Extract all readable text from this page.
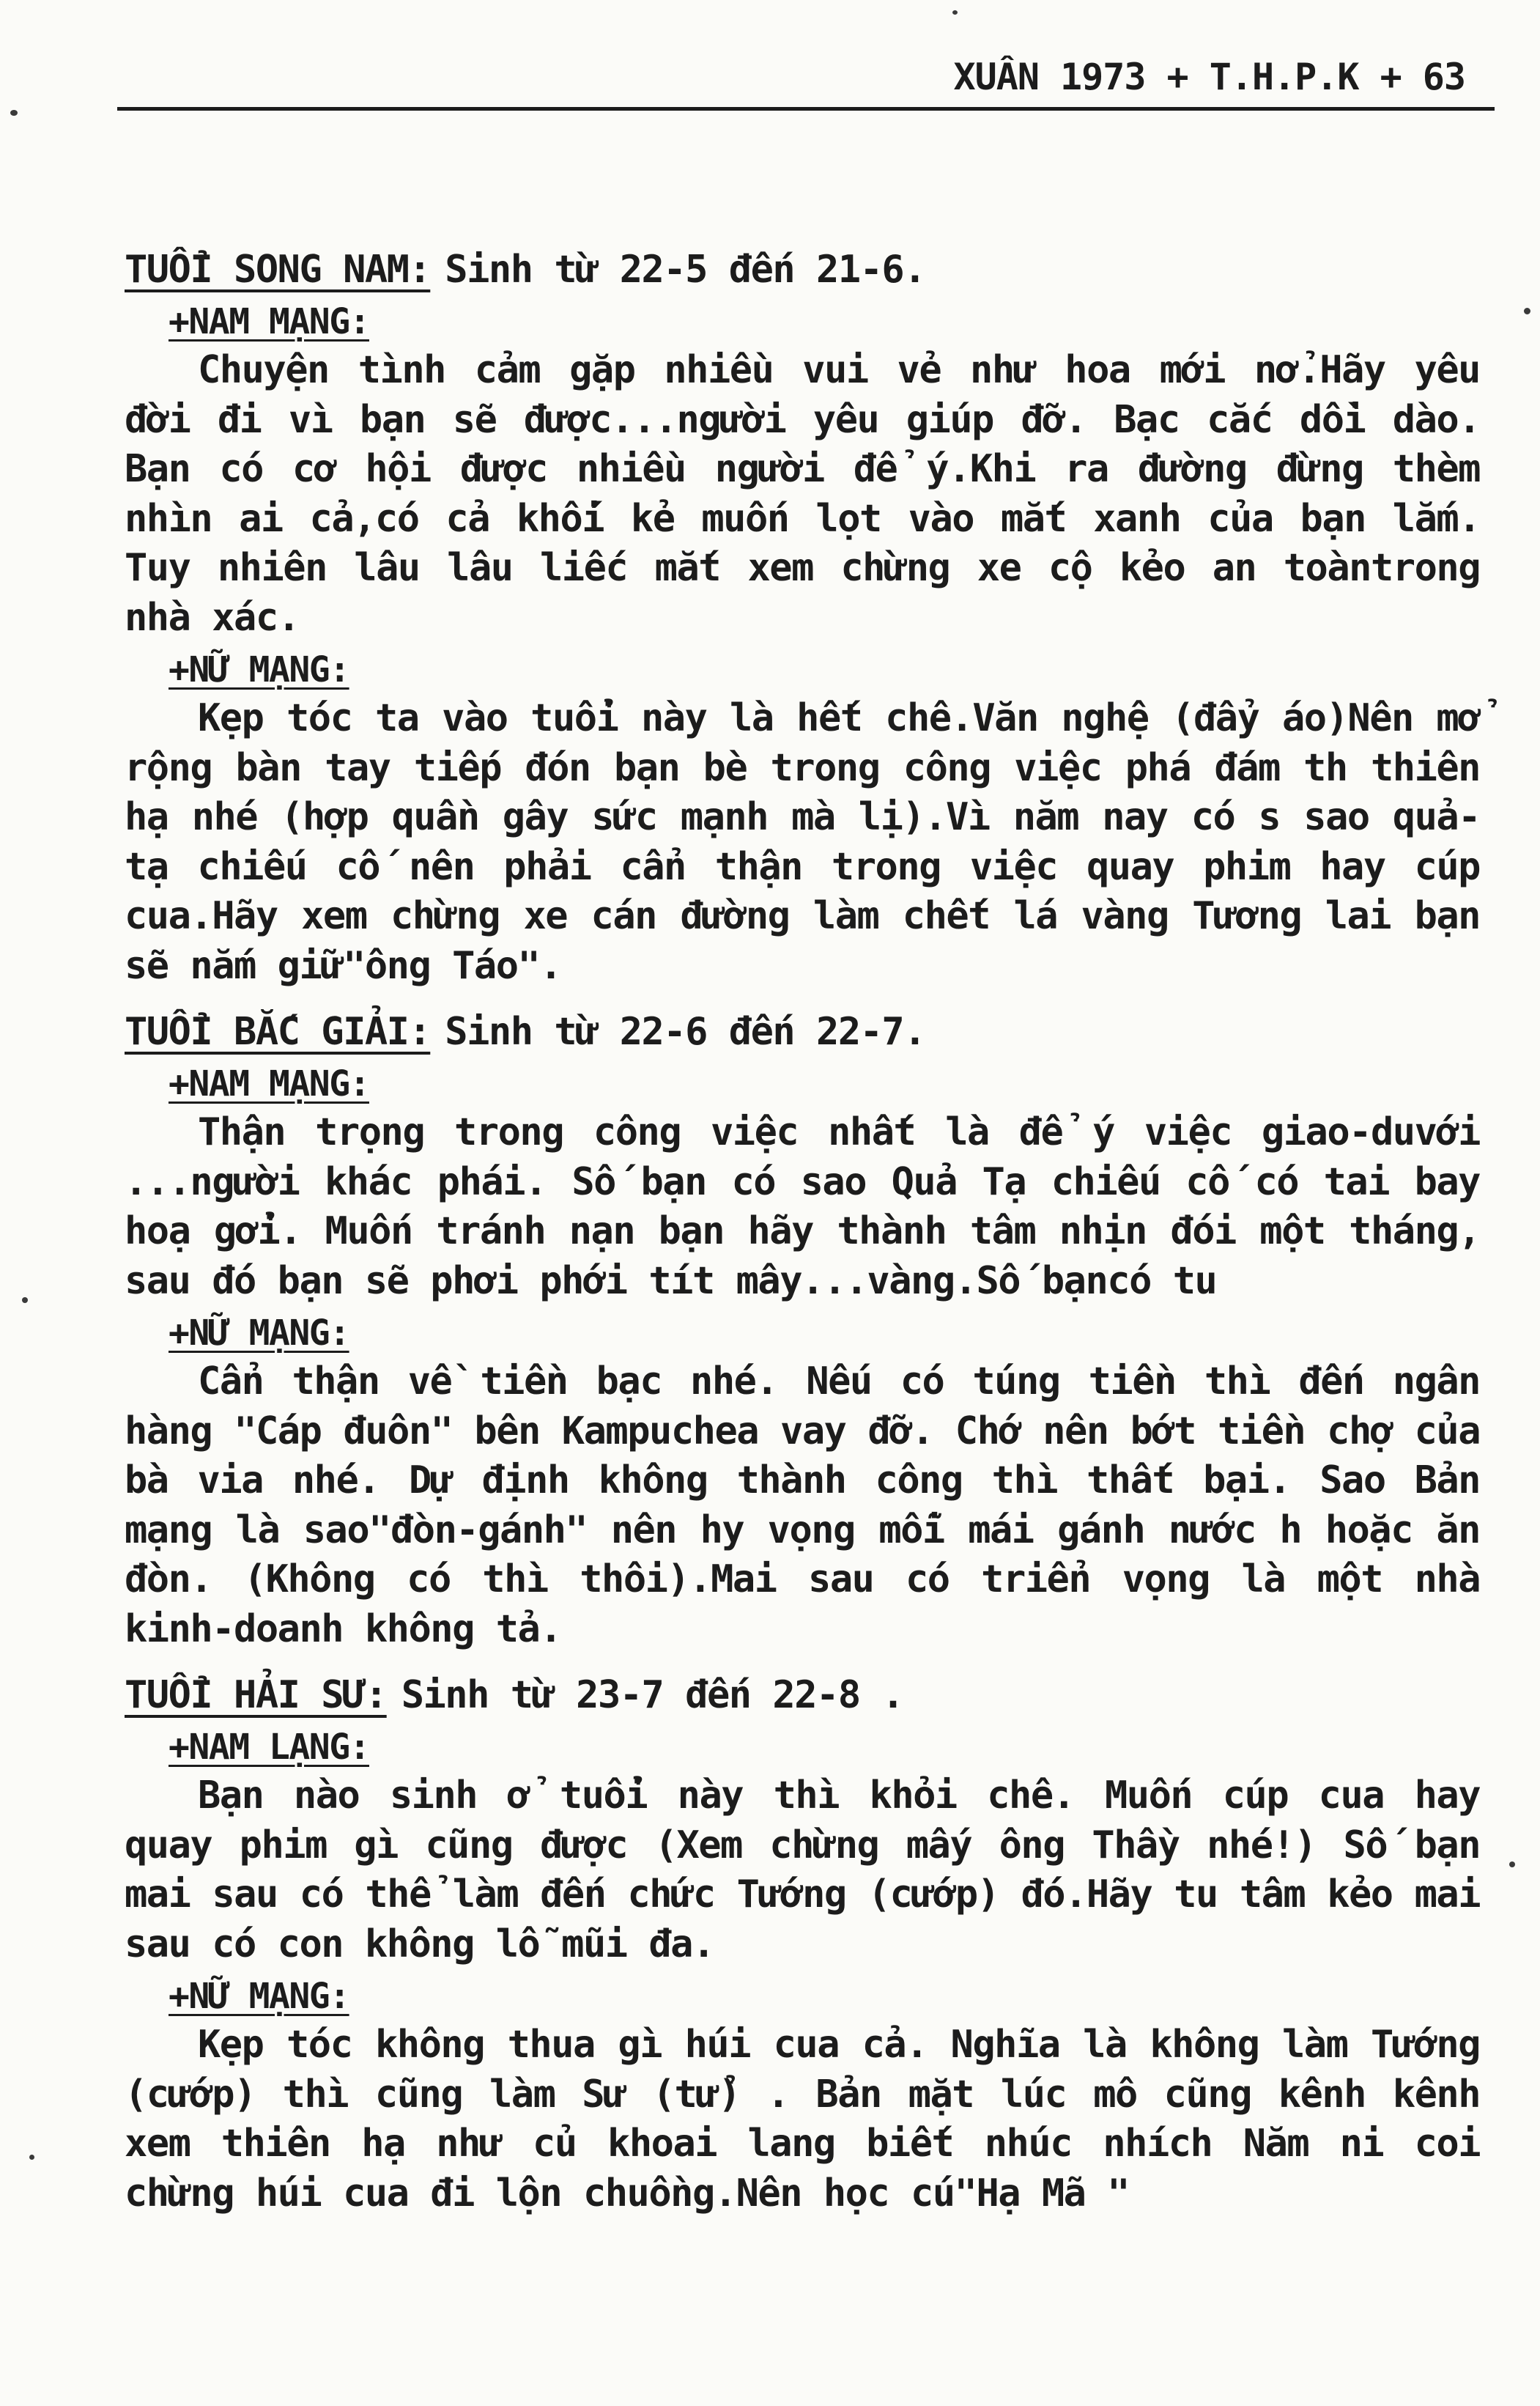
XUÂN 1973 + T.H.P.K + 63
TUỔI SONG NAM: Sinh từ 22-5 đến 21-6.
+NAM MẠNG:
Chuyện tình cảm gặp nhiều vui vẻ như hoa mới nở.Hãy yêu đời đi vì bạn sẽ được...người yêu giúp đỡ. Bạc cắc dồi dào. Bạn có cơ hội được nhiều người để ý.Khi ra đường đừng thèm nhìn ai cả,có cả khối kẻ muốn lọt vào mắt xanh của bạn lắm. Tuy nhiên lâu lâu liếc mắt xem chừng xe cộ kẻo an toàntrong nhà xác.
+NỮ MẠNG:
Kẹp tóc ta vào tuổi này là hết chê.Văn nghệ (đẩy áo)Nên mở rộng bàn tay tiếp đón bạn bè trong công việc phá đám th thiên hạ nhé (hợp quần gây sức mạnh mà lị).Vì năm nay có s sao quả-tạ chiếu cố nên phải cẩn thận trong việc quay phim hay cúp cua.Hãy xem chừng xe cán đường làm chết lá vàng Tương lai bạn sẽ nắm giữ"ông Táo".
TUỔI BẮC GIẢI: Sinh từ 22-6 đến 22-7.
+NAM MẠNG:
Thận trọng trong công việc nhất là để ý việc giao-duvới ...người khác phái. Số bạn có sao Quả Tạ chiếu cố có tai bay hoạ gởi. Muốn tránh nạn bạn hãy thành tâm nhịn đói một tháng, sau đó bạn sẽ phơi phới tít mây...vàng.Số bạncó tu
+NỮ MẠNG:
Cẩn thận về tiền bạc nhé. Nếu có túng tiền thì đến ngân hàng "Cáp đuôn" bên Kampuchea vay đỡ. Chớ nên bớt tiền chợ của bà via nhé. Dự định không thành công thì thất bại. Sao Bản mạng là sao"đòn-gánh" nên hy vọng mỗi mái gánh nước h hoặc ăn đòn. (Không có thì thôi).Mai sau có triển vọng là một nhà kinh-doanh không tả.
TUỔI HẢI SƯ: Sinh từ 23-7 đến 22-8 .
+NAM LẠNG:
Bạn nào sinh ở tuổi này thì khỏi chê. Muốn cúp cua hay quay phim gì cũng được (Xem chừng mấy ông Thầy nhé!) Số bạn mai sau có thể làm đến chức Tướng (cướp) đó.Hãy tu tâm kẻo mai sau có con không lỗ mũi đa.
+NỮ MẠNG:
Kẹp tóc không thua gì húi cua cả. Nghĩa là không làm Tướng (cướp) thì cũng làm Sư (tử) . Bản mặt lúc mô cũng kênh kênh xem thiên hạ như củ khoai lang biết nhúc nhích Năm ni coi chừng húi cua đi lộn chuồng.Nên học cú"Hạ Mã "
